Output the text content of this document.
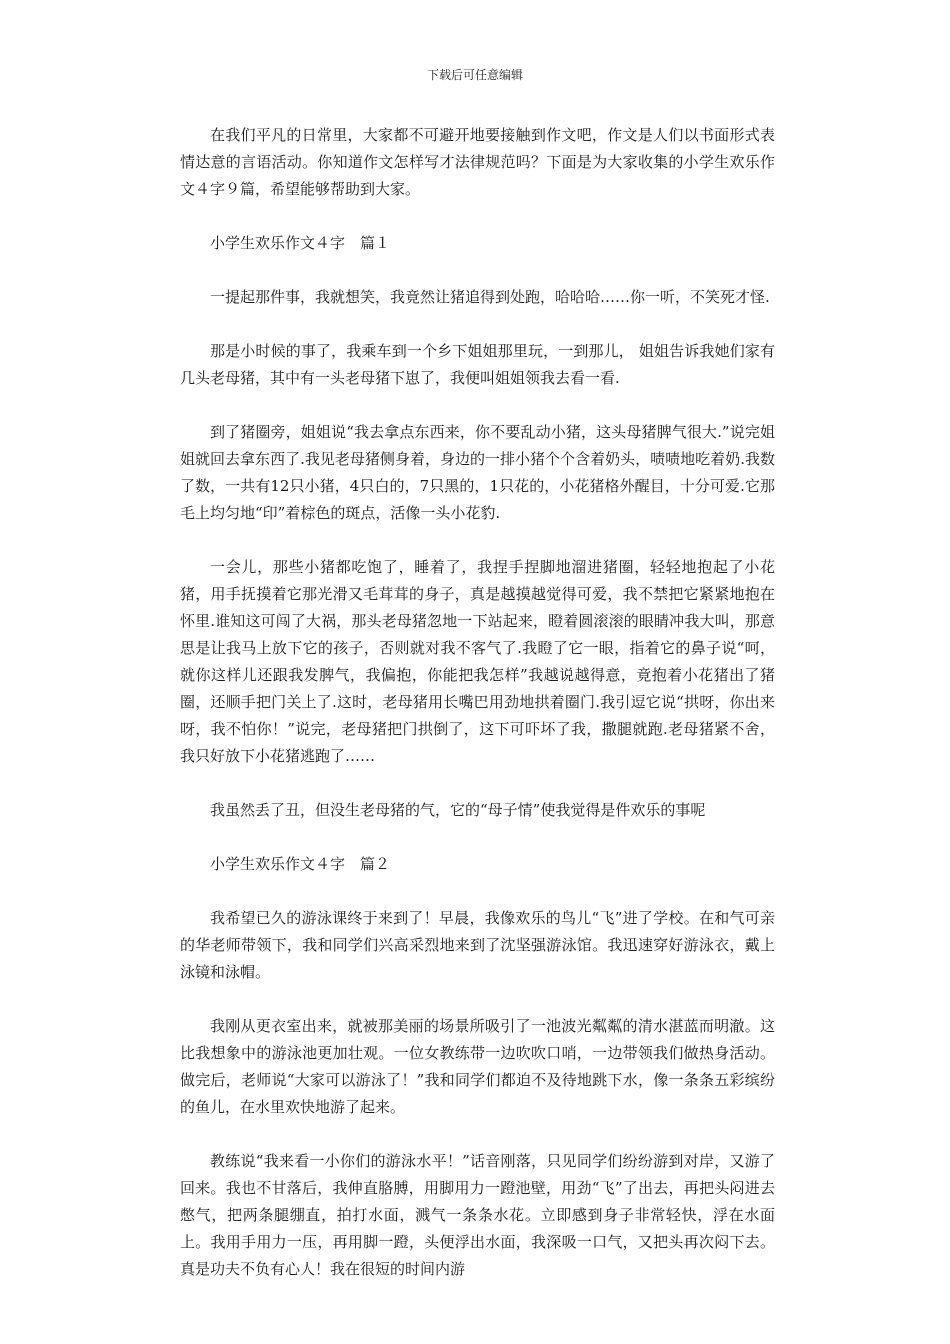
下载后可任意编辑

在我们平凡的日常里，大家都不可避开地要接触到作文吧，作文是人们以书面形式表情达意的言语活动。你知道作文怎样写才法律规范吗？下面是为大家收集的小学生欢乐作文４字９篇，希望能够帮助到大家。

小学生欢乐作文４字　篇１

一提起那件事，我就想笑，我竟然让猪追得到处跑，哈哈哈……你一听，不笑死才怪.

那是小时候的事了，我乘车到一个乡下姐姐那里玩，一到那儿， 姐姐告诉我她们家有几头老母猪，其中有一头老母猪下崽了，我便叫姐姐领我去看一看.

到了猪圈旁，姐姐说“我去拿点东西来，你不要乱动小猪，这头母猪脾气很大.”说完姐姐就回去拿东西了.我见老母猪侧身着，身边的一排小猪个个含着奶头，啧啧地吃着奶.我数了数，一共有12只小猪，4只白的，7只黑的，1只花的，小花猪格外醒目，十分可爱.它那毛上均匀地“印”着棕色的斑点，活像一头小花豹.

一会儿，那些小猪都吃饱了，睡着了，我捏手捏脚地溜进猪圈，轻轻地抱起了小花猪，用手抚摸着它那光滑又毛茸茸的身子，真是越摸越觉得可爱，我不禁把它紧紧地抱在怀里.谁知这可闯了大祸，那头老母猪忽地一下站起来，瞪着圆滚滚的眼睛冲我大叫，那意思是让我马上放下它的孩子，否则就对我不客气了.我瞪了它一眼，指着它的鼻子说“呵，就你这样儿还跟我发脾气，我偏抱，你能把我怎样”我越说越得意，竟抱着小花猪出了猪圈，还顺手把门关上了.这时，老母猪用长嘴巴用劲地拱着圈门.我引逗它说“拱呀，你出来呀，我不怕你！”说完，老母猪把门拱倒了，这下可吓坏了我，撒腿就跑.老母猪紧不舍，我只好放下小花猪逃跑了……

我虽然丢了丑，但没生老母猪的气，它的“母子情”使我觉得是件欢乐的事呢

小学生欢乐作文４字　篇２

我希望已久的游泳课终于来到了！早晨，我像欢乐的鸟儿“飞”进了学校。在和气可亲的华老师带领下，我和同学们兴高采烈地来到了沈坚强游泳馆。我迅速穿好游泳衣，戴上泳镜和泳帽。

我刚从更衣室出来，就被那美丽的场景所吸引了一池波光粼粼的清水湛蓝而明澈。这比我想象中的游泳池更加壮观。一位女教练带一边吹吹口哨，一边带领我们做热身活动。做完后，老师说“大家可以游泳了！”我和同学们都迫不及待地跳下水，像一条条五彩缤纷的鱼儿，在水里欢快地游了起来。

教练说“我来看一小你们的游泳水平！”话音刚落，只见同学们纷纷游到对岸，又游了回来。我也不甘落后，我伸直胳膊，用脚用力一蹬池壁，用劲“飞”了出去，再把头闷进去憋气，把两条腿绷直，拍打水面，溅气一条条水花。立即感到身子非常轻快，浮在水面上。我用手用力一压，再用脚一蹬，头便浮出水面，我深吸一口气，又把头再次闷下去。真是功夫不负有心人！我在很短的时间内游
